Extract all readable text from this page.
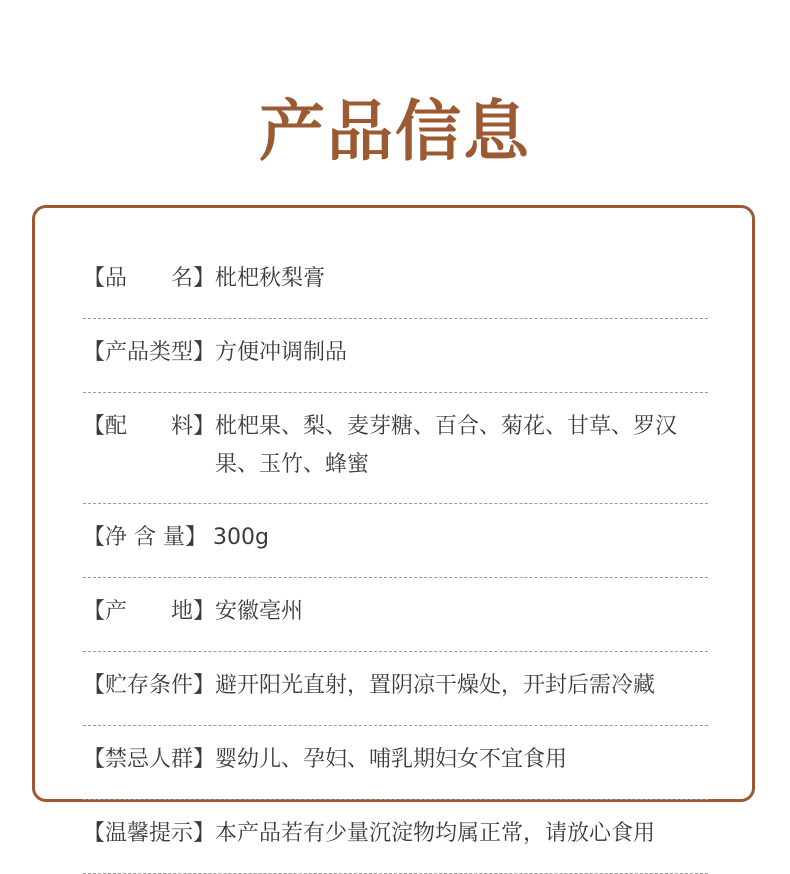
产品信息
【品　　名】 枇杷秋梨膏
【产品类型】 方便冲调制品
【配　　料】 枇杷果、梨、麦芽糖、百合、菊花、甘草、罗汉果、玉竹、蜂蜜
【净 含 量】 300g
【产　　地】 安徽亳州
【贮存条件】 避开阳光直射，置阴凉干燥处，开封后需冷藏
【禁忌人群】 婴幼儿、孕妇、哺乳期妇女不宜食用
【温馨提示】 本产品若有少量沉淀物均属正常，请放心食用
